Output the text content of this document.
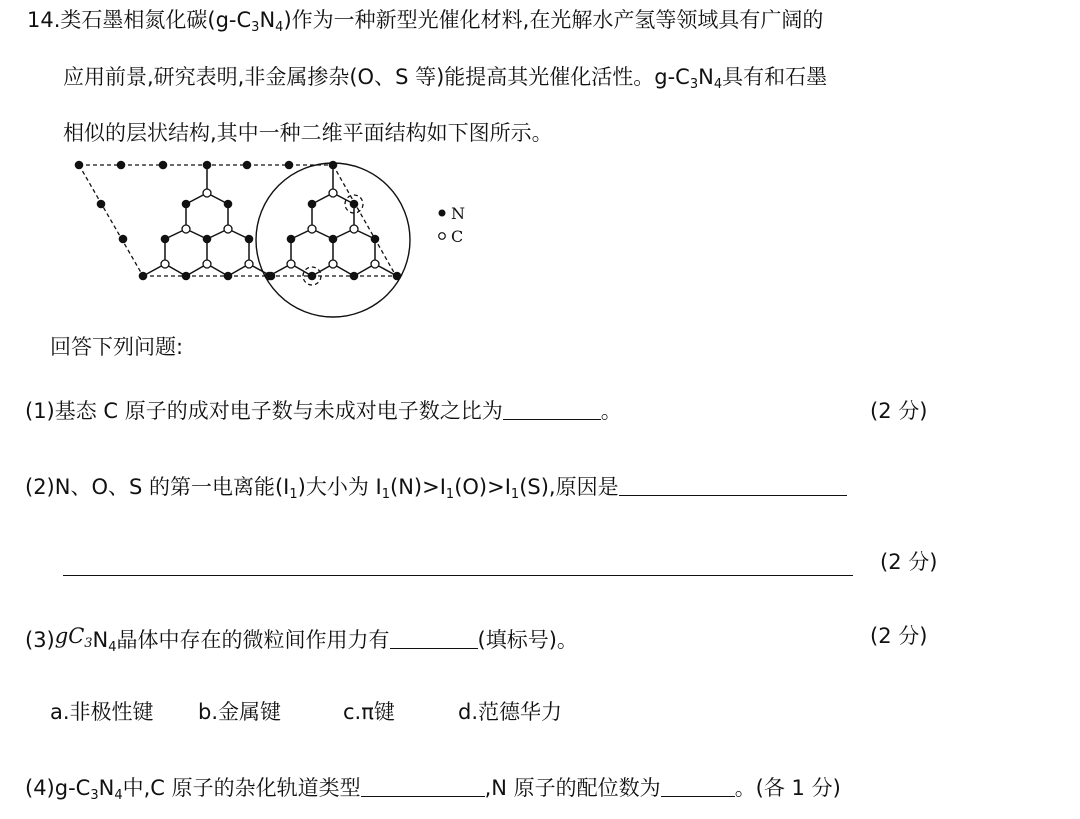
14.类石墨相氮化碳$(g-C_3N_4)$作为一种新型光催化材料,在光解水产氢等领域具有广阔的
应用前景,研究表明,非金属掺杂(O、S 等)能提高其光催化活性。$g-C_3N_4$具有和石墨
相似的层状结构,其中一种二维平面结构如下图所示。
N
C
回答下列问题:
(1)基态 C 原子的成对电子数与未成对电子数之比为	。	(2 分)
(2)N、O、S 的第一电离能$(I_1)$大小为 $I_1(N)>I_1(O)>I_1(S)$,原因是
(2 分)
$(3)gC3N_4$晶体中存在的微粒间作用力有	(填标号)。	(2 分)
a.非极性键 b.金属键	c.π键	d.范德华力
$(4)g-C_3N_4$中,C 原子的杂化轨道类型	,N 原子的配位数为	。(各 1 分)
